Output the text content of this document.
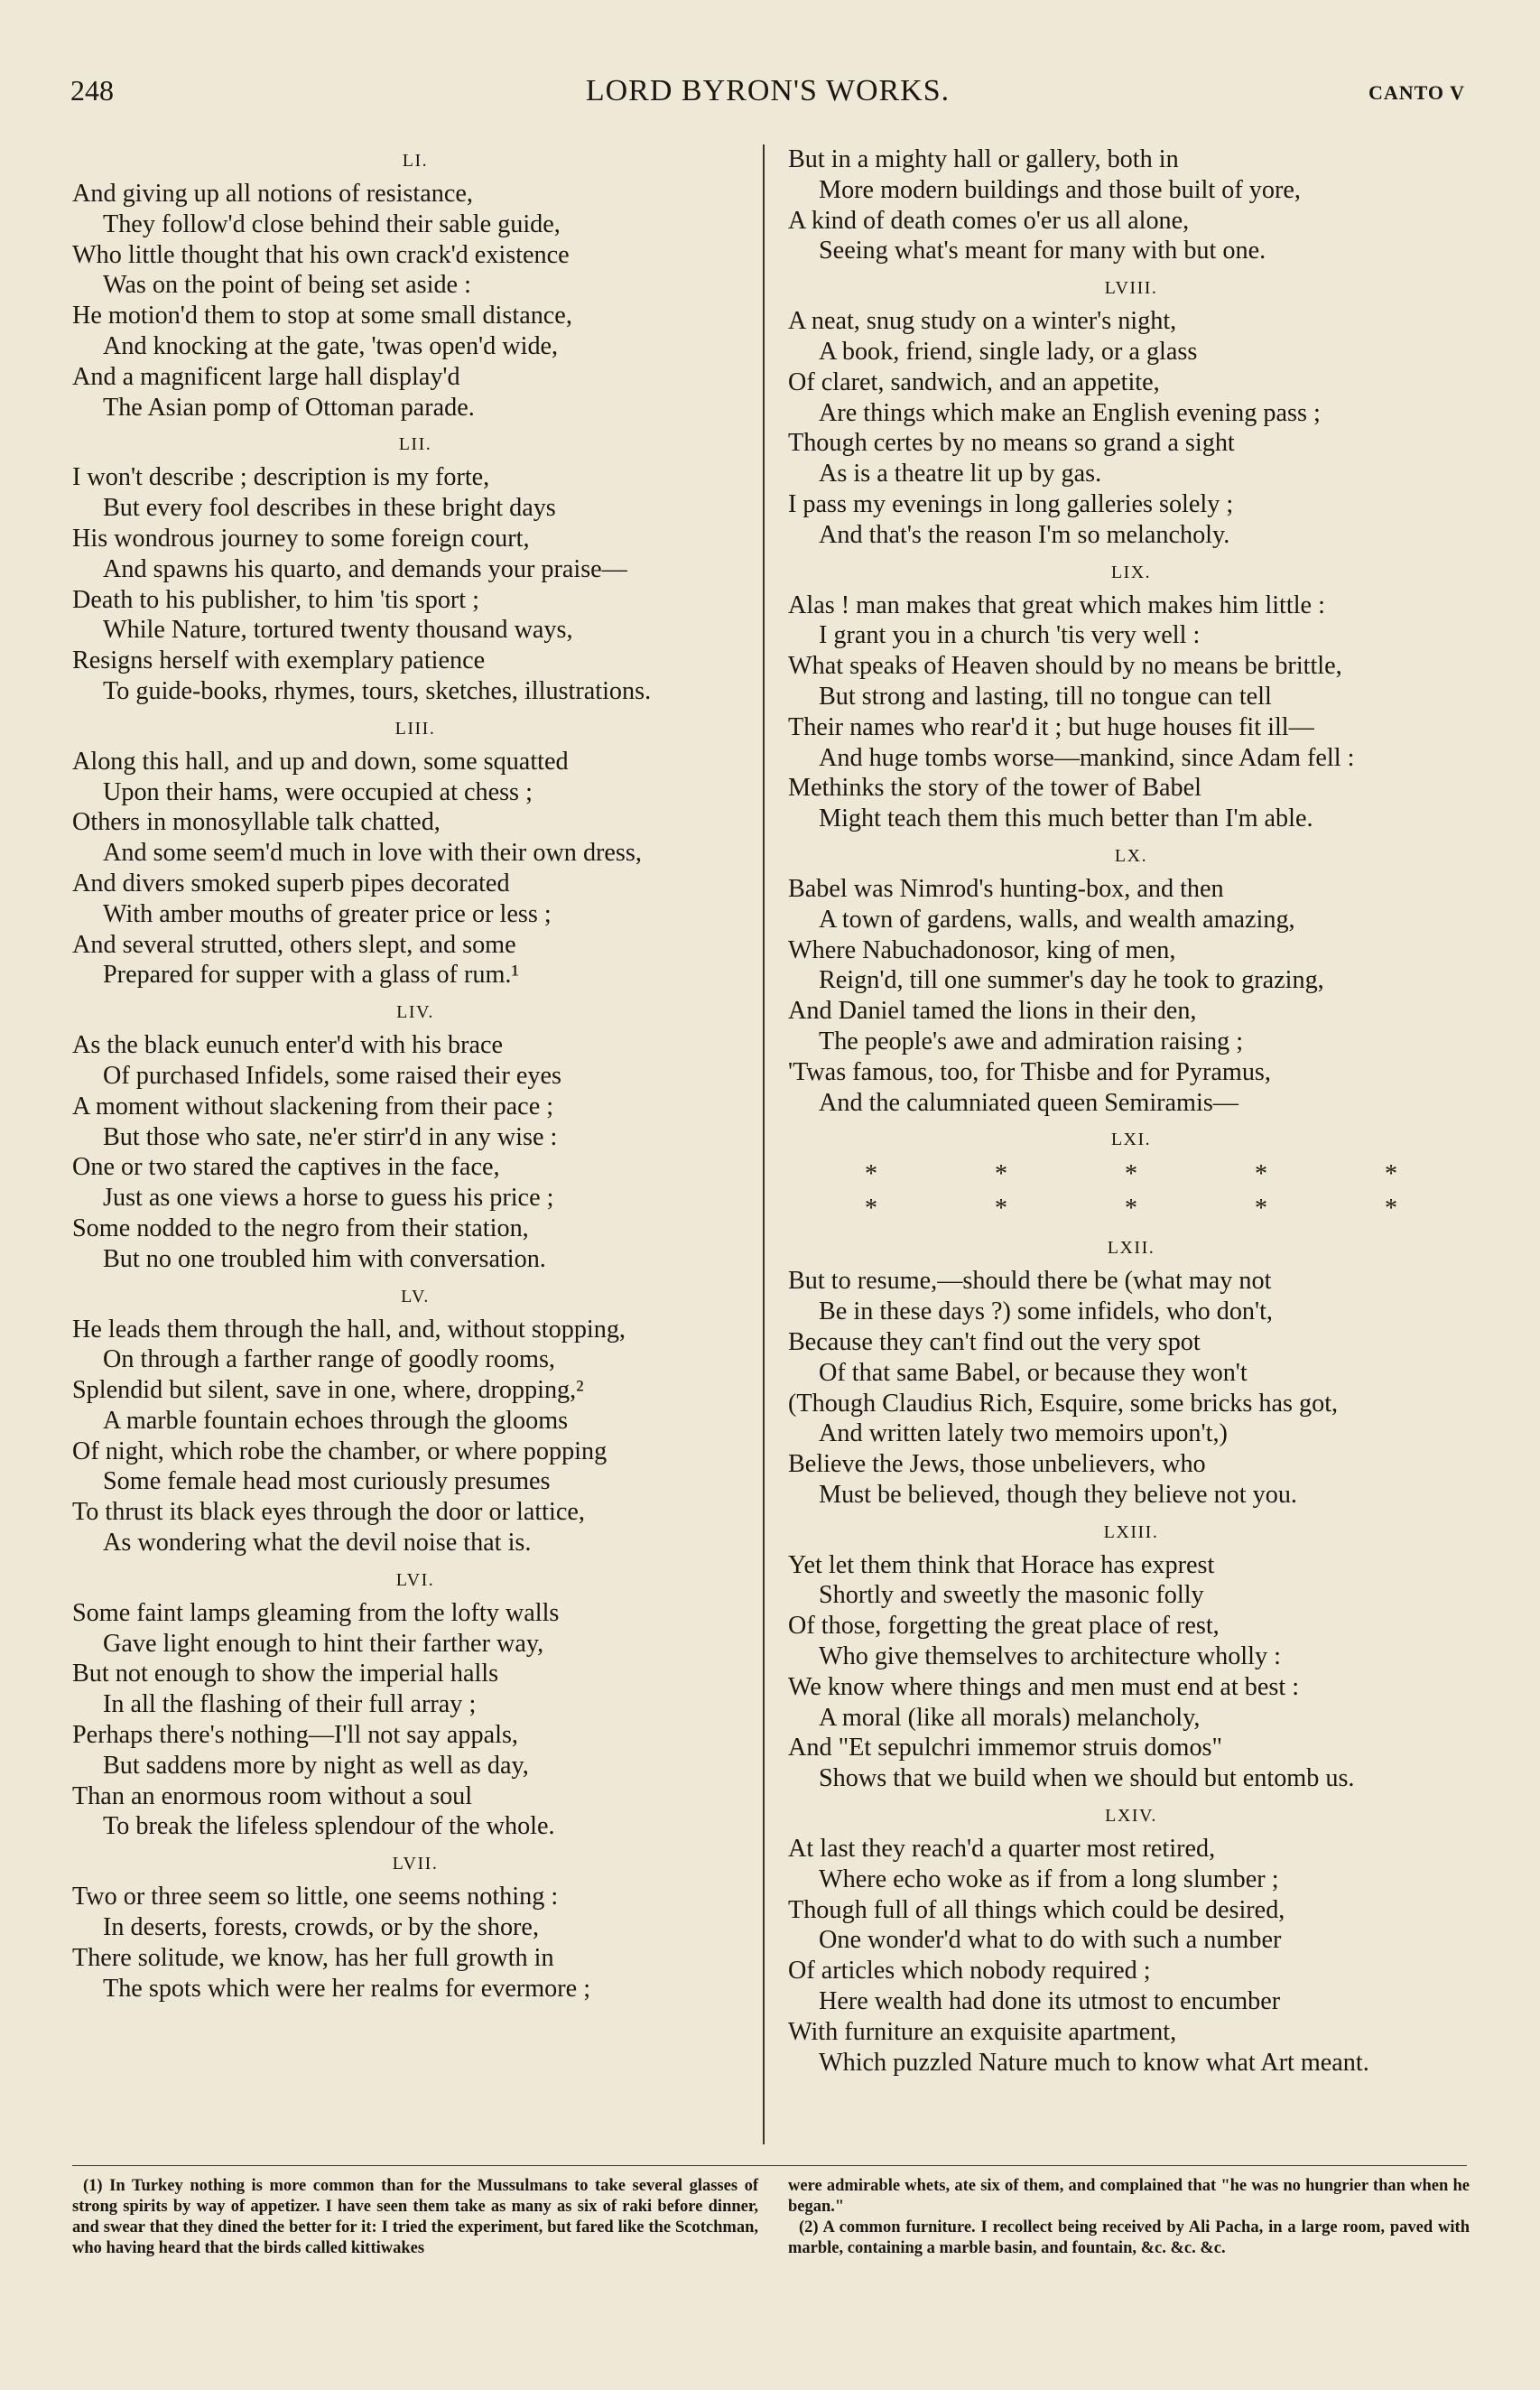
248	LORD BYRON'S WORKS.	CANTO V
LI.
And giving up all notions of resistance,
They follow'd close behind their sable guide,
Who little thought that his own crack'd existence
Was on the point of being set aside :
He motion'd them to stop at some small distance,
And knocking at the gate, 'twas open'd wide,
And a magnificent large hall display'd
The Asian pomp of Ottoman parade.
LII.
I won't describe ; description is my forte,
But every fool describes in these bright days
His wondrous journey to some foreign court,
And spawns his quarto, and demands your praise—
Death to his publisher, to him 'tis sport ;
While Nature, tortured twenty thousand ways,
Resigns herself with exemplary patience
To guide-books, rhymes, tours, sketches, illustrations.
LIII.
Along this hall, and up and down, some squatted
Upon their hams, were occupied at chess ;
Others in monosyllable talk chatted,
And some seem'd much in love with their own dress,
And divers smoked superb pipes decorated
With amber mouths of greater price or less ;
And several strutted, others slept, and some
Prepared for supper with a glass of rum.¹
LIV.
As the black eunuch enter'd with his brace
Of purchased Infidels, some raised their eyes
A moment without slackening from their pace ;
But those who sate, ne'er stirr'd in any wise :
One or two stared the captives in the face,
Just as one views a horse to guess his price ;
Some nodded to the negro from their station,
But no one troubled him with conversation.
LV.
He leads them through the hall, and, without stopping,
On through a farther range of goodly rooms,
Splendid but silent, save in one, where, dropping,²
A marble fountain echoes through the glooms
Of night, which robe the chamber, or where popping
Some female head most curiously presumes
To thrust its black eyes through the door or lattice,
As wondering what the devil noise that is.
LVI.
Some faint lamps gleaming from the lofty walls
Gave light enough to hint their farther way,
But not enough to show the imperial halls
In all the flashing of their full array ;
Perhaps there's nothing—I'll not say appals,
But saddens more by night as well as day,
Than an enormous room without a soul
To break the lifeless splendour of the whole.
LVII.
Two or three seem so little, one seems nothing :
In deserts, forests, crowds, or by the shore,
There solitude, we know, has her full growth in
The spots which were her realms for evermore ;
But in a mighty hall or gallery, both in
More modern buildings and those built of yore,
A kind of death comes o'er us all alone,
Seeing what's meant for many with but one.
LVIII.
A neat, snug study on a winter's night,
A book, friend, single lady, or a glass
Of claret, sandwich, and an appetite,
Are things which make an English evening pass ;
Though certes by no means so grand a sight
As is a theatre lit up by gas.
I pass my evenings in long galleries solely ;
And that's the reason I'm so melancholy.
LIX.
Alas ! man makes that great which makes him little :
I grant you in a church 'tis very well :
What speaks of Heaven should by no means be brittle,
But strong and lasting, till no tongue can tell
Their names who rear'd it ; but huge houses fit ill—
And huge tombs worse—mankind, since Adam fell :
Methinks the story of the tower of Babel
Might teach them this much better than I'm able.
LX.
Babel was Nimrod's hunting-box, and then
A town of gardens, walls, and wealth amazing,
Where Nabuchadonosor, king of men,
Reign'd, till one summer's day he took to grazing,
And Daniel tamed the lions in their den,
The people's awe and admiration raising ;
'Twas famous, too, for Thisbe and for Pyramus,
And the calumniated queen Semiramis—
LXI.
*	*	*	*	*
*	*	*	*	*
LXII.
But to resume,—should there be (what may not
Be in these days ?) some infidels, who don't,
Because they can't find out the very spot
Of that same Babel, or because they won't
(Though Claudius Rich, Esquire, some bricks has got,
And written lately two memoirs upon't,)
Believe the Jews, those unbelievers, who
Must be believed, though they believe not you.
LXIII.
Yet let them think that Horace has exprest
Shortly and sweetly the masonic folly
Of those, forgetting the great place of rest,
Who give themselves to architecture wholly :
We know where things and men must end at best :
A moral (like all morals) melancholy,
And "Et sepulchri immemor struis domos"
Shows that we build when we should but entomb us.
LXIV.
At last they reach'd a quarter most retired,
Where echo woke as if from a long slumber ;
Though full of all things which could be desired,
One wonder'd what to do with such a number
Of articles which nobody required ;
Here wealth had done its utmost to encumber
With furniture an exquisite apartment,
Which puzzled Nature much to know what Art meant.

(1) In Turkey nothing is more common than for the Mussulmans to take several glasses of strong spirits by way of appetizer. I have seen them take as many as six of raki before dinner, and swear that they dined the better for it: I tried the experiment, but fared like the Scotchman, who having heard that the birds called kittiwakes

were admirable whets, ate six of them, and complained that "he was no hungrier than when he began."

(2) A common furniture. I recollect being received by Ali Pacha, in a large room, paved with marble, containing a marble basin, and fountain, &c. &c. &c.
